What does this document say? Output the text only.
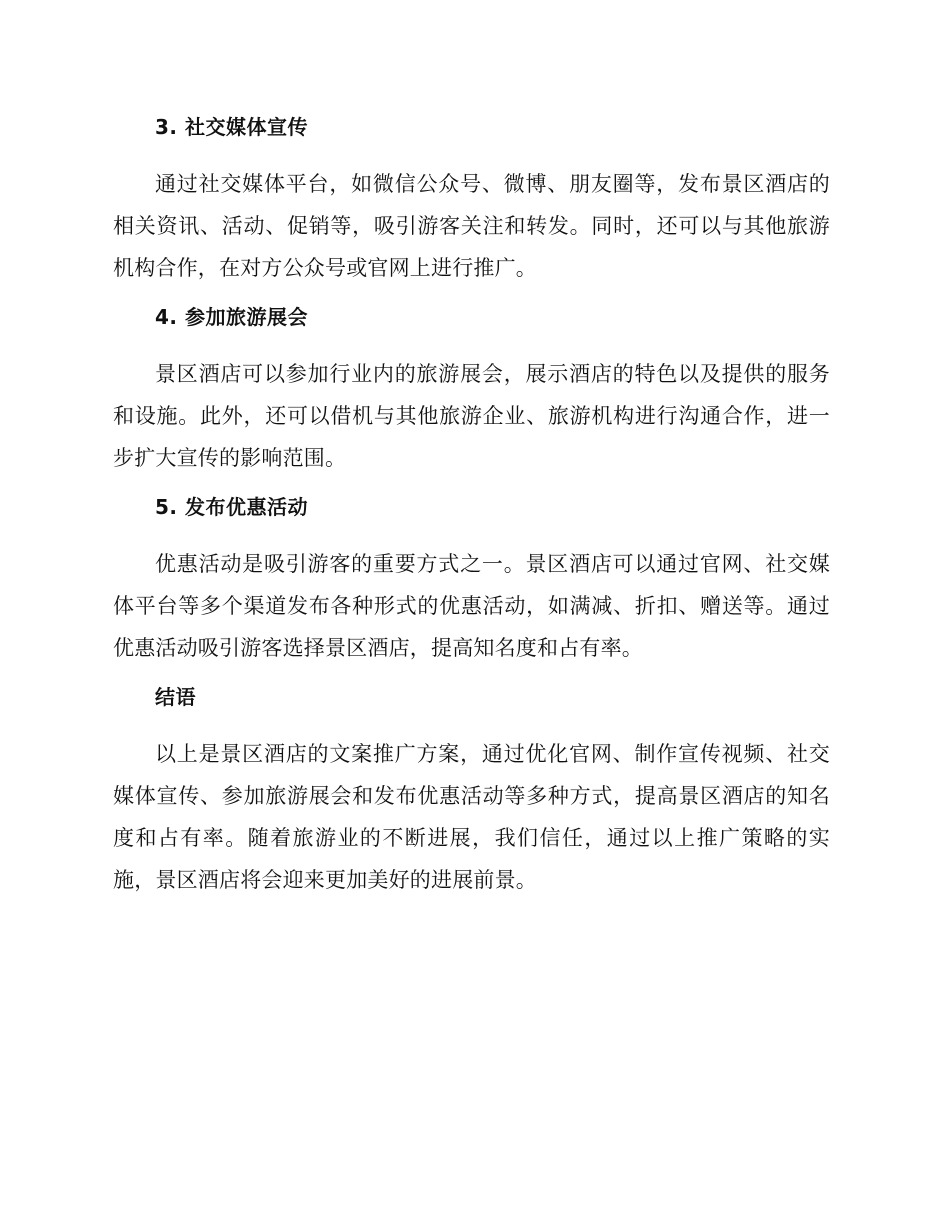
3. 社交媒体宣传

通过社交媒体平台，如微信公众号、微博、朋友圈等，发布景区酒店的相关资讯、活动、促销等，吸引游客关注和转发。同时，还可以与其他旅游机构合作，在对方公众号或官网上进行推广。

4. 参加旅游展会

景区酒店可以参加行业内的旅游展会，展示酒店的特色以及提供的服务和设施。此外，还可以借机与其他旅游企业、旅游机构进行沟通合作，进一步扩大宣传的影响范围。

5. 发布优惠活动

优惠活动是吸引游客的重要方式之一。景区酒店可以通过官网、社交媒体平台等多个渠道发布各种形式的优惠活动，如满减、折扣、赠送等。通过优惠活动吸引游客选择景区酒店，提高知名度和占有率。

结语

以上是景区酒店的文案推广方案，通过优化官网、制作宣传视频、社交媒体宣传、参加旅游展会和发布优惠活动等多种方式，提高景区酒店的知名度和占有率。随着旅游业的不断进展，我们信任，通过以上推广策略的实施，景区酒店将会迎来更加美好的进展前景。
